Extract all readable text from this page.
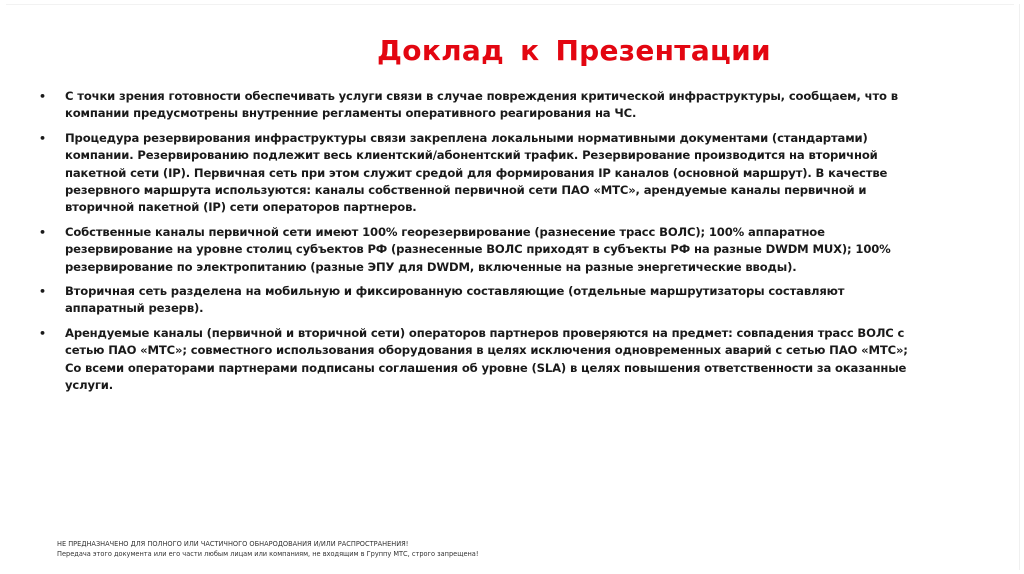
Доклад к Презентации
• С точки зрения готовности обеспечивать услуги связи в случае повреждения критической инфраструктуры, сообщаем, что в компании предусмотрены внутренние регламенты оперативного реагирования на ЧС.
• Процедура резервирования инфраструктуры связи закреплена локальными нормативными документами (стандартами) компании. Резервированию подлежит весь клиентский/абонентский трафик. Резервирование производится на вторичной пакетной сети (IP). Первичная сеть при этом служит средой для формирования IP каналов (основной маршрут). В качестве резервного маршрута используются: каналы собственной первичной сети ПАО «МТС», арендуемые каналы первичной и вторичной пакетной (IP) сети операторов партнеров.
• Собственные каналы первичной сети имеют 100% георезервирование (разнесение трасс ВОЛС); 100% аппаратное резервирование на уровне столиц субъектов РФ (разнесенные ВОЛС приходят в субъекты РФ на разные DWDM MUX); 100% резервирование по электропитанию (разные ЭПУ для DWDM, включенные на разные энергетические вводы).
• Вторичная сеть разделена на мобильную и фиксированную составляющие (отдельные маршрутизаторы составляют аппаратный резерв).
• Арендуемые каналы (первичной и вторичной сети) операторов партнеров проверяются на предмет: совпадения трасс ВОЛС с сетью ПАО «МТС»; совместного использования оборудования в целях исключения одновременных аварий с сетью ПАО «МТС»; Со всеми операторами партнерами подписаны соглашения об уровне (SLA) в целях повышения ответственности за оказанные услуги.
НЕ ПРЕДНАЗНАЧЕНО ДЛЯ ПОЛНОГО ИЛИ ЧАСТИЧНОГО ОБНАРОДОВАНИЯ И/ИЛИ РАСПРОСТРАНЕНИЯ!
Передача этого документа или его части любым лицам или компаниям, не входящим в Группу МТС, строго запрещена!
